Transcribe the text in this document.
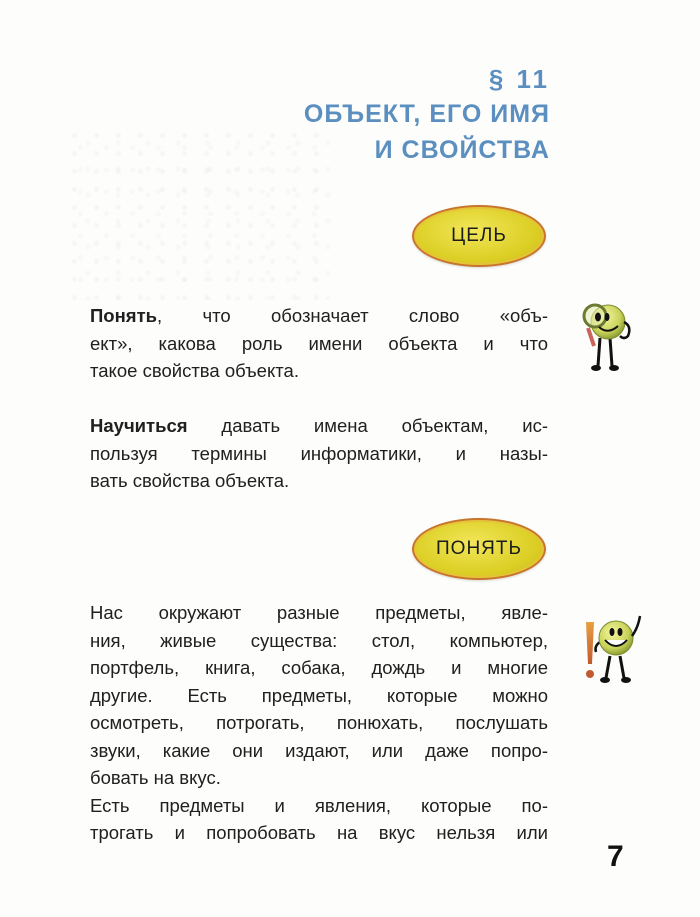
§ 11
ОБЪЕКТ, ЕГО ИМЯ
И СВОЙСТВА
ЦЕЛЬ
Понять, что обозначает слово «объ-
ект», какова роль имени объекта и что
такое свойства объекта.
Научиться давать имена объектам, ис-
пользуя термины информатики, и назы-
вать свойства объекта.
ПОНЯТЬ
Нас окружают разные предметы, явле-
ния, живые существа: стол, компьютер,
портфель, книга, собака, дождь и многие
другие. Есть предметы, которые можно
осмотреть, потрогать, понюхать, послушать
звуки, какие они издают, или даже попро-
бовать на вкус.
Есть предметы и явления, которые по-
трогать и попробовать на вкус нельзя или
7
